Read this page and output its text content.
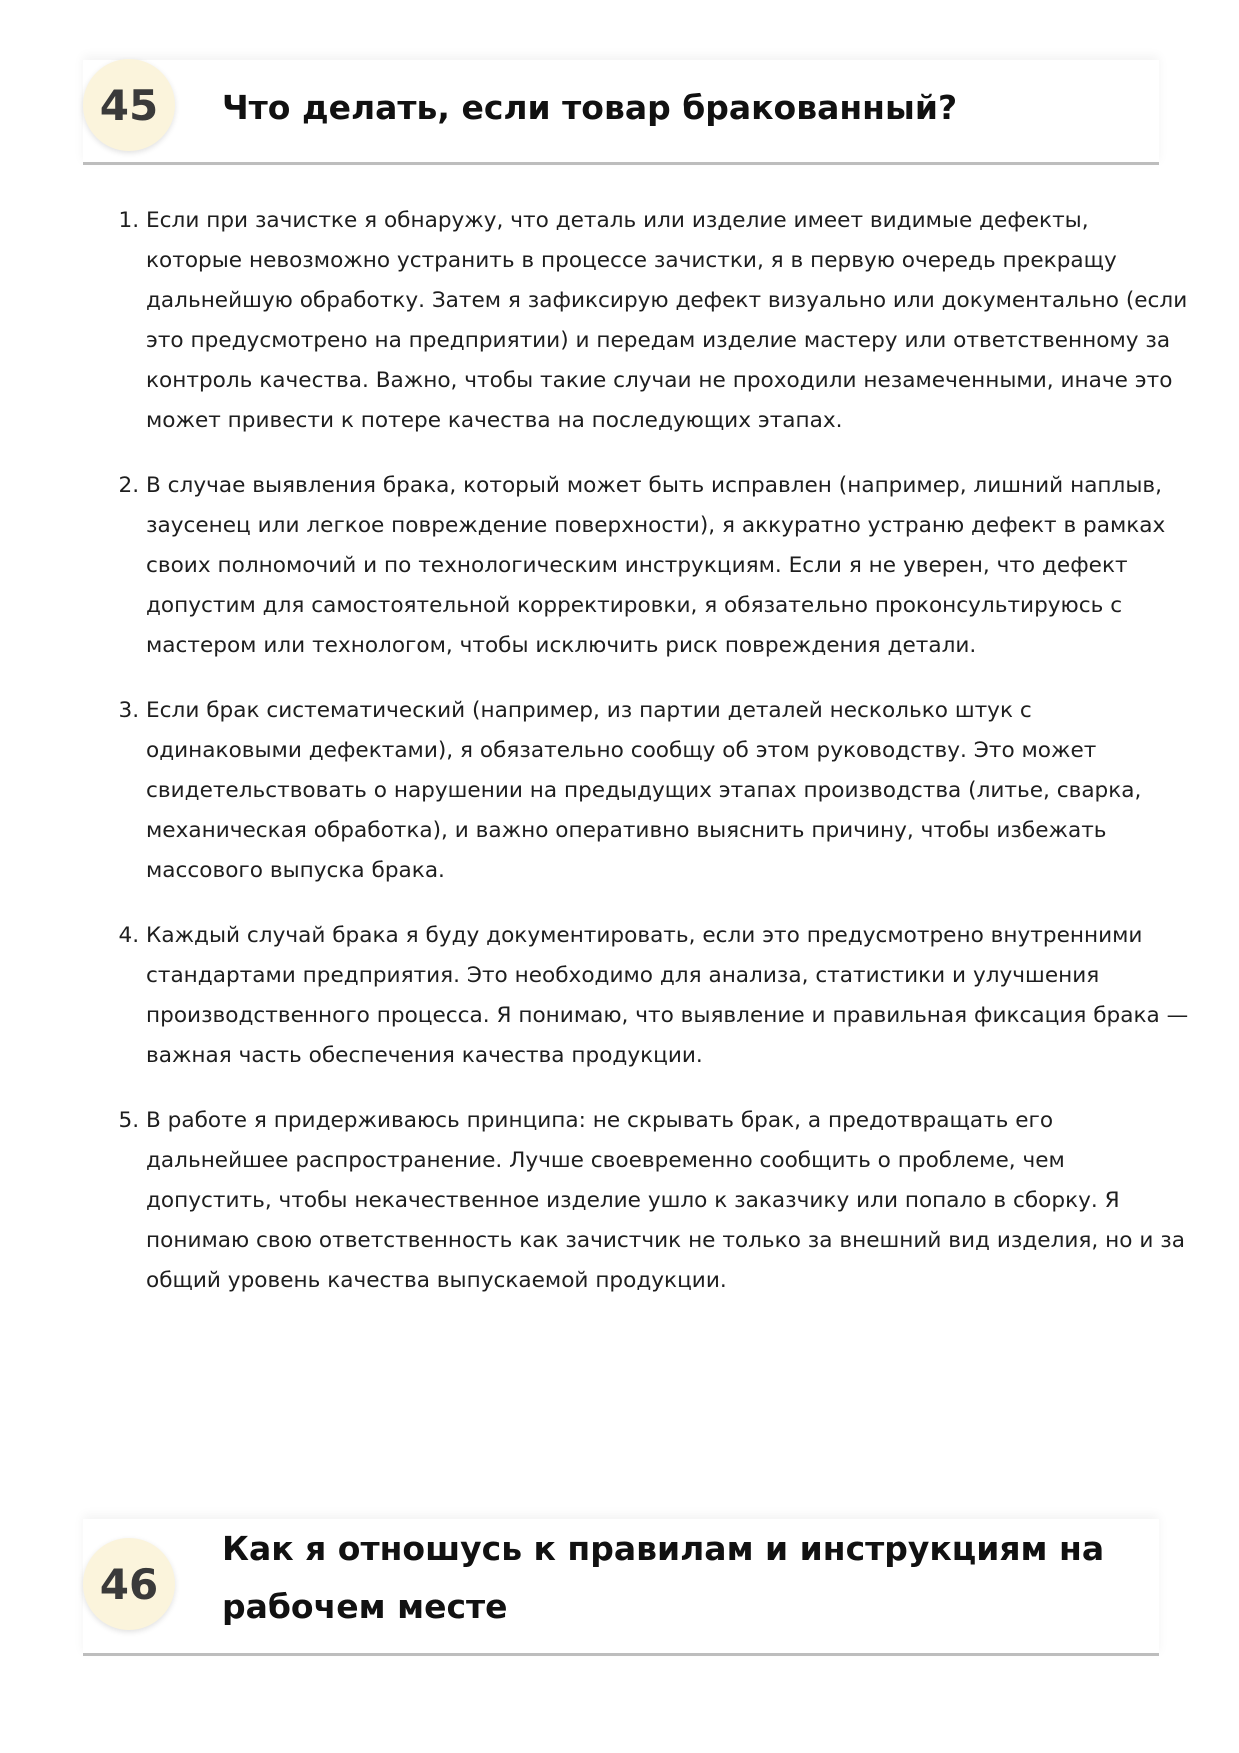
45	Что делать, если товар бракованный?
1. Если при зачистке я обнаружу, что деталь или изделие имеет видимые дефекты, которые невозможно устранить в процессе зачистки, я в первую очередь прекращу дальнейшую обработку. Затем я зафиксирую дефект визуально или документально (если это предусмотрено на предприятии) и передам изделие мастеру или ответственному за контроль качества. Важно, чтобы такие случаи не проходили незамеченными, иначе это может привести к потере качества на последующих этапах.
2. В случае выявления брака, который может быть исправлен (например, лишний наплыв, заусенец или легкое повреждение поверхности), я аккуратно устраню дефект в рамках своих полномочий и по технологическим инструкциям. Если я не уверен, что дефект допустим для самостоятельной корректировки, я обязательно проконсультируюсь с мастером или технологом, чтобы исключить риск повреждения детали.
3. Если брак систематический (например, из партии деталей несколько штук с одинаковыми дефектами), я обязательно сообщу об этом руководству. Это может свидетельствовать о нарушении на предыдущих этапах производства (литье, сварка, механическая обработка), и важно оперативно выяснить причину, чтобы избежать массового выпуска брака.
4. Каждый случай брака я буду документировать, если это предусмотрено внутренними стандартами предприятия. Это необходимо для анализа, статистики и улучшения производственного процесса. Я понимаю, что выявление и правильная фиксация брака — важная часть обеспечения качества продукции.
5. В работе я придерживаюсь принципа: не скрывать брак, а предотвращать его дальнейшее распространение. Лучше своевременно сообщить о проблеме, чем допустить, чтобы некачественное изделие ушло к заказчику или попало в сборку. Я понимаю свою ответственность как зачистчик не только за внешний вид изделия, но и за общий уровень качества выпускаемой продукции.
46
Как я отношусь к правилам и инструкциям на рабочем месте
